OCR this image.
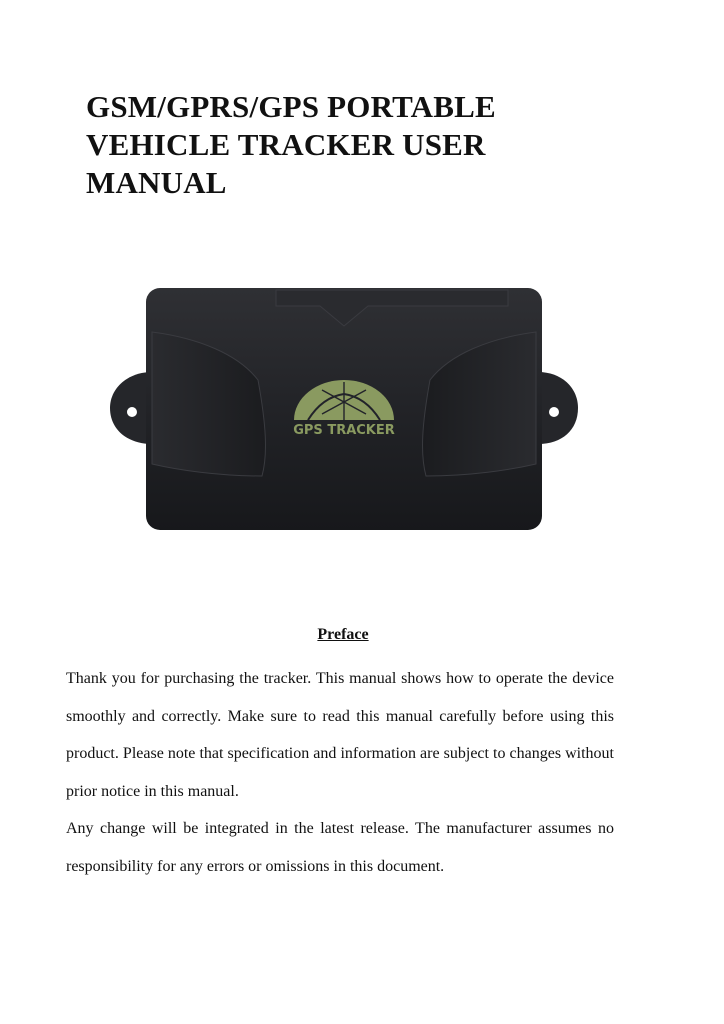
GSM/GPRS/GPS PORTABLE VEHICLE TRACKER USER MANUAL
GPS TRACKER
Preface

Thank you for purchasing the tracker. This manual shows how to operate the device smoothly and correctly. Make sure to read this manual carefully before using this product. Please note that specification and information are subject to changes without prior notice in this manual.

Any change will be integrated in the latest release. The manufacturer assumes no responsibility for any errors or omissions in this document.
